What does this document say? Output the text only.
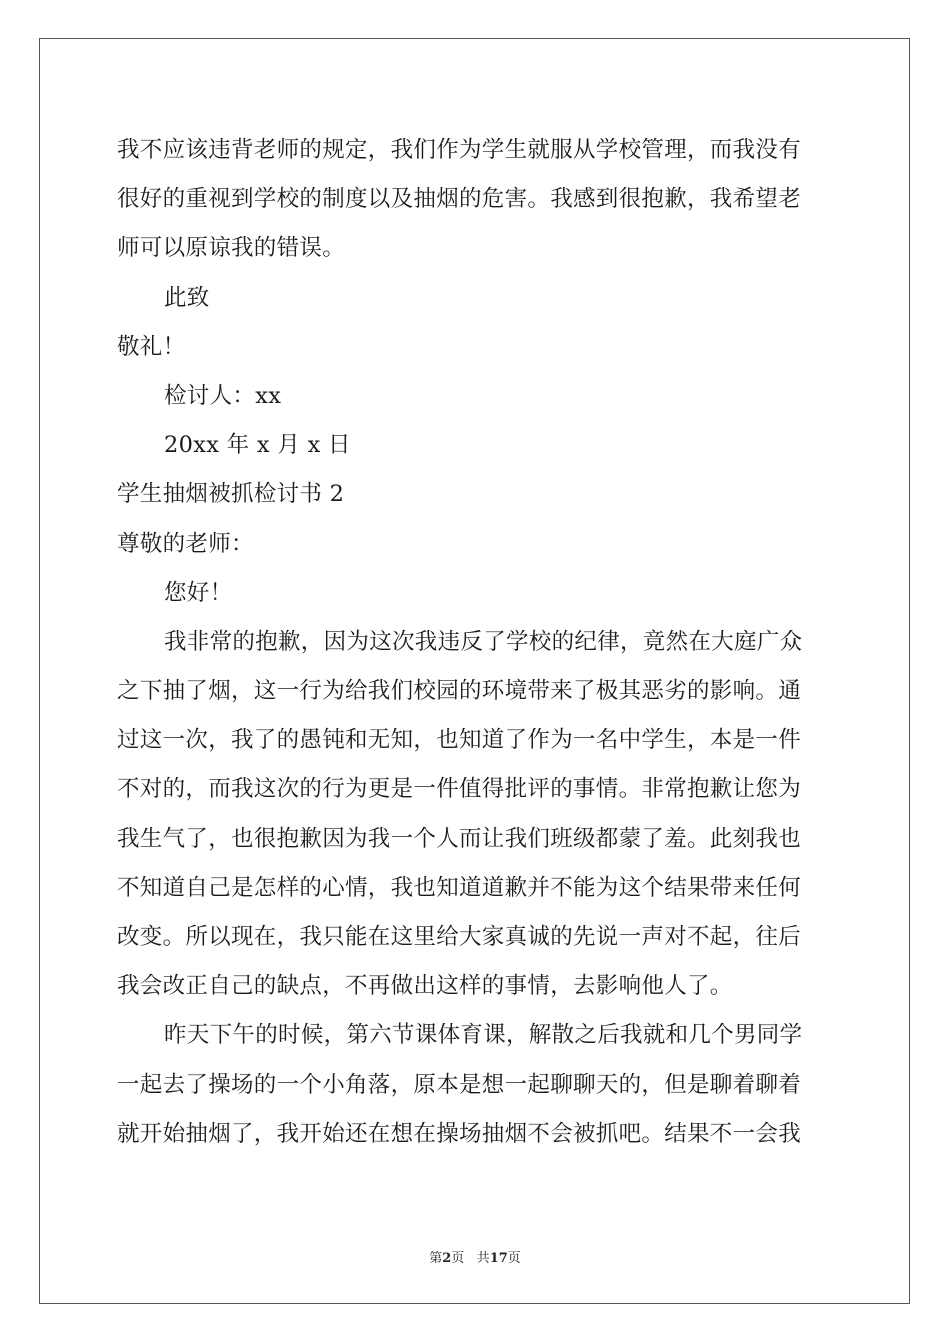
我不应该违背老师的规定，我们作为学生就服从学校管理，而我没有
很好的重视到学校的制度以及抽烟的危害。我感到很抱歉，我希望老
师可以原谅我的错误。
此致
敬礼！
检讨人：xx
20xx 年 x 月 x 日
学生抽烟被抓检讨书 2
尊敬的老师：
您好！
我非常的抱歉，因为这次我违反了学校的纪律，竟然在大庭广众
之下抽了烟，这一行为给我们校园的环境带来了极其恶劣的影响。通
过这一次，我了的愚钝和无知，也知道了作为一名中学生，本是一件
不对的，而我这次的行为更是一件值得批评的事情。非常抱歉让您为
我生气了，也很抱歉因为我一个人而让我们班级都蒙了羞。此刻我也
不知道自己是怎样的心情，我也知道道歉并不能为这个结果带来任何
改变。所以现在，我只能在这里给大家真诚的先说一声对不起，往后
我会改正自己的缺点，不再做出这样的事情，去影响他人了。
昨天下午的时候，第六节课体育课，解散之后我就和几个男同学
一起去了操场的一个小角落，原本是想一起聊聊天的，但是聊着聊着
就开始抽烟了，我开始还在想在操场抽烟不会被抓吧。结果不一会我
第2页 共17页
